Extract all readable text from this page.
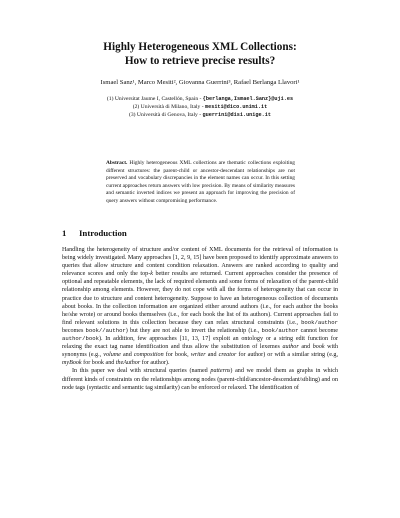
Highly Heterogeneous XML Collections:
How to retrieve precise results?
Ismael Sanz¹, Marco Mesiti², Giovanna Guerrini³, Rafael Berlanga Llavori¹
(1) Universitat Jaume I, Castellón, Spain - {berlanga,Ismael.Sanz}@uji.es
(2) Università di Milano, Italy - mesiti@dico.unimi.it
(3) Università di Genova, Italy - guerrini@disi.unige.it
Abstract. Highly heterogeneous XML collections are thematic collections exploiting different structures: the parent-child or ancestor-descendant relationships are not preserved and vocabulary discrepancies in the element names can occur. In this setting current approaches return answers with low precision. By means of similarity measures and semantic inverted indices we present an approach for improving the precision of query answers without compromising performance.
1 Introduction

Handling the heterogeneity of structure and/or content of XML documents for the retrieval of information is being widely investigated. Many approaches [1, 2, 9, 15] have been proposed to identify approximate answers to queries that allow structure and content condition relaxation. Answers are ranked according to quality and relevance scores and only the top-k better results are returned. Current approaches consider the presence of optional and repeatable elements, the lack of required elements and some forms of relaxation of the parent-child relationship among elements. However, they do not cope with all the forms of heterogeneity that can occur in practice due to structure and content heterogeneity. Suppose to have an heterogeneous collection of documents about books. In the collection information are organized either around authors (i.e., for each author the books he/she wrote) or around books themselves (i.e., for each book the list of its authors). Current approaches fail to find relevant solutions in this collection because they can relax structural constraints (i.e., book/author becomes book//author) but they are not able to invert the relationship (i.e., book/author cannot become author/book). In addition, few approaches [11, 13, 17] exploit an ontology or a string edit function for relaxing the exact tag name identification and thus allow the substitution of lexemes author and book with synonyms (e.g., volume and composition for book, writer and creator for author) or with a similar string (e.g, myBook for book and theAuthor for author).

In this paper we deal with structural queries (named patterns) and we model them as graphs in which different kinds of constraints on the relationships among nodes (parent-child/ancestor-descendant/sibling) and on node tags (syntactic and semantic tag similarity) can be enforced or relaxed. The identification of
